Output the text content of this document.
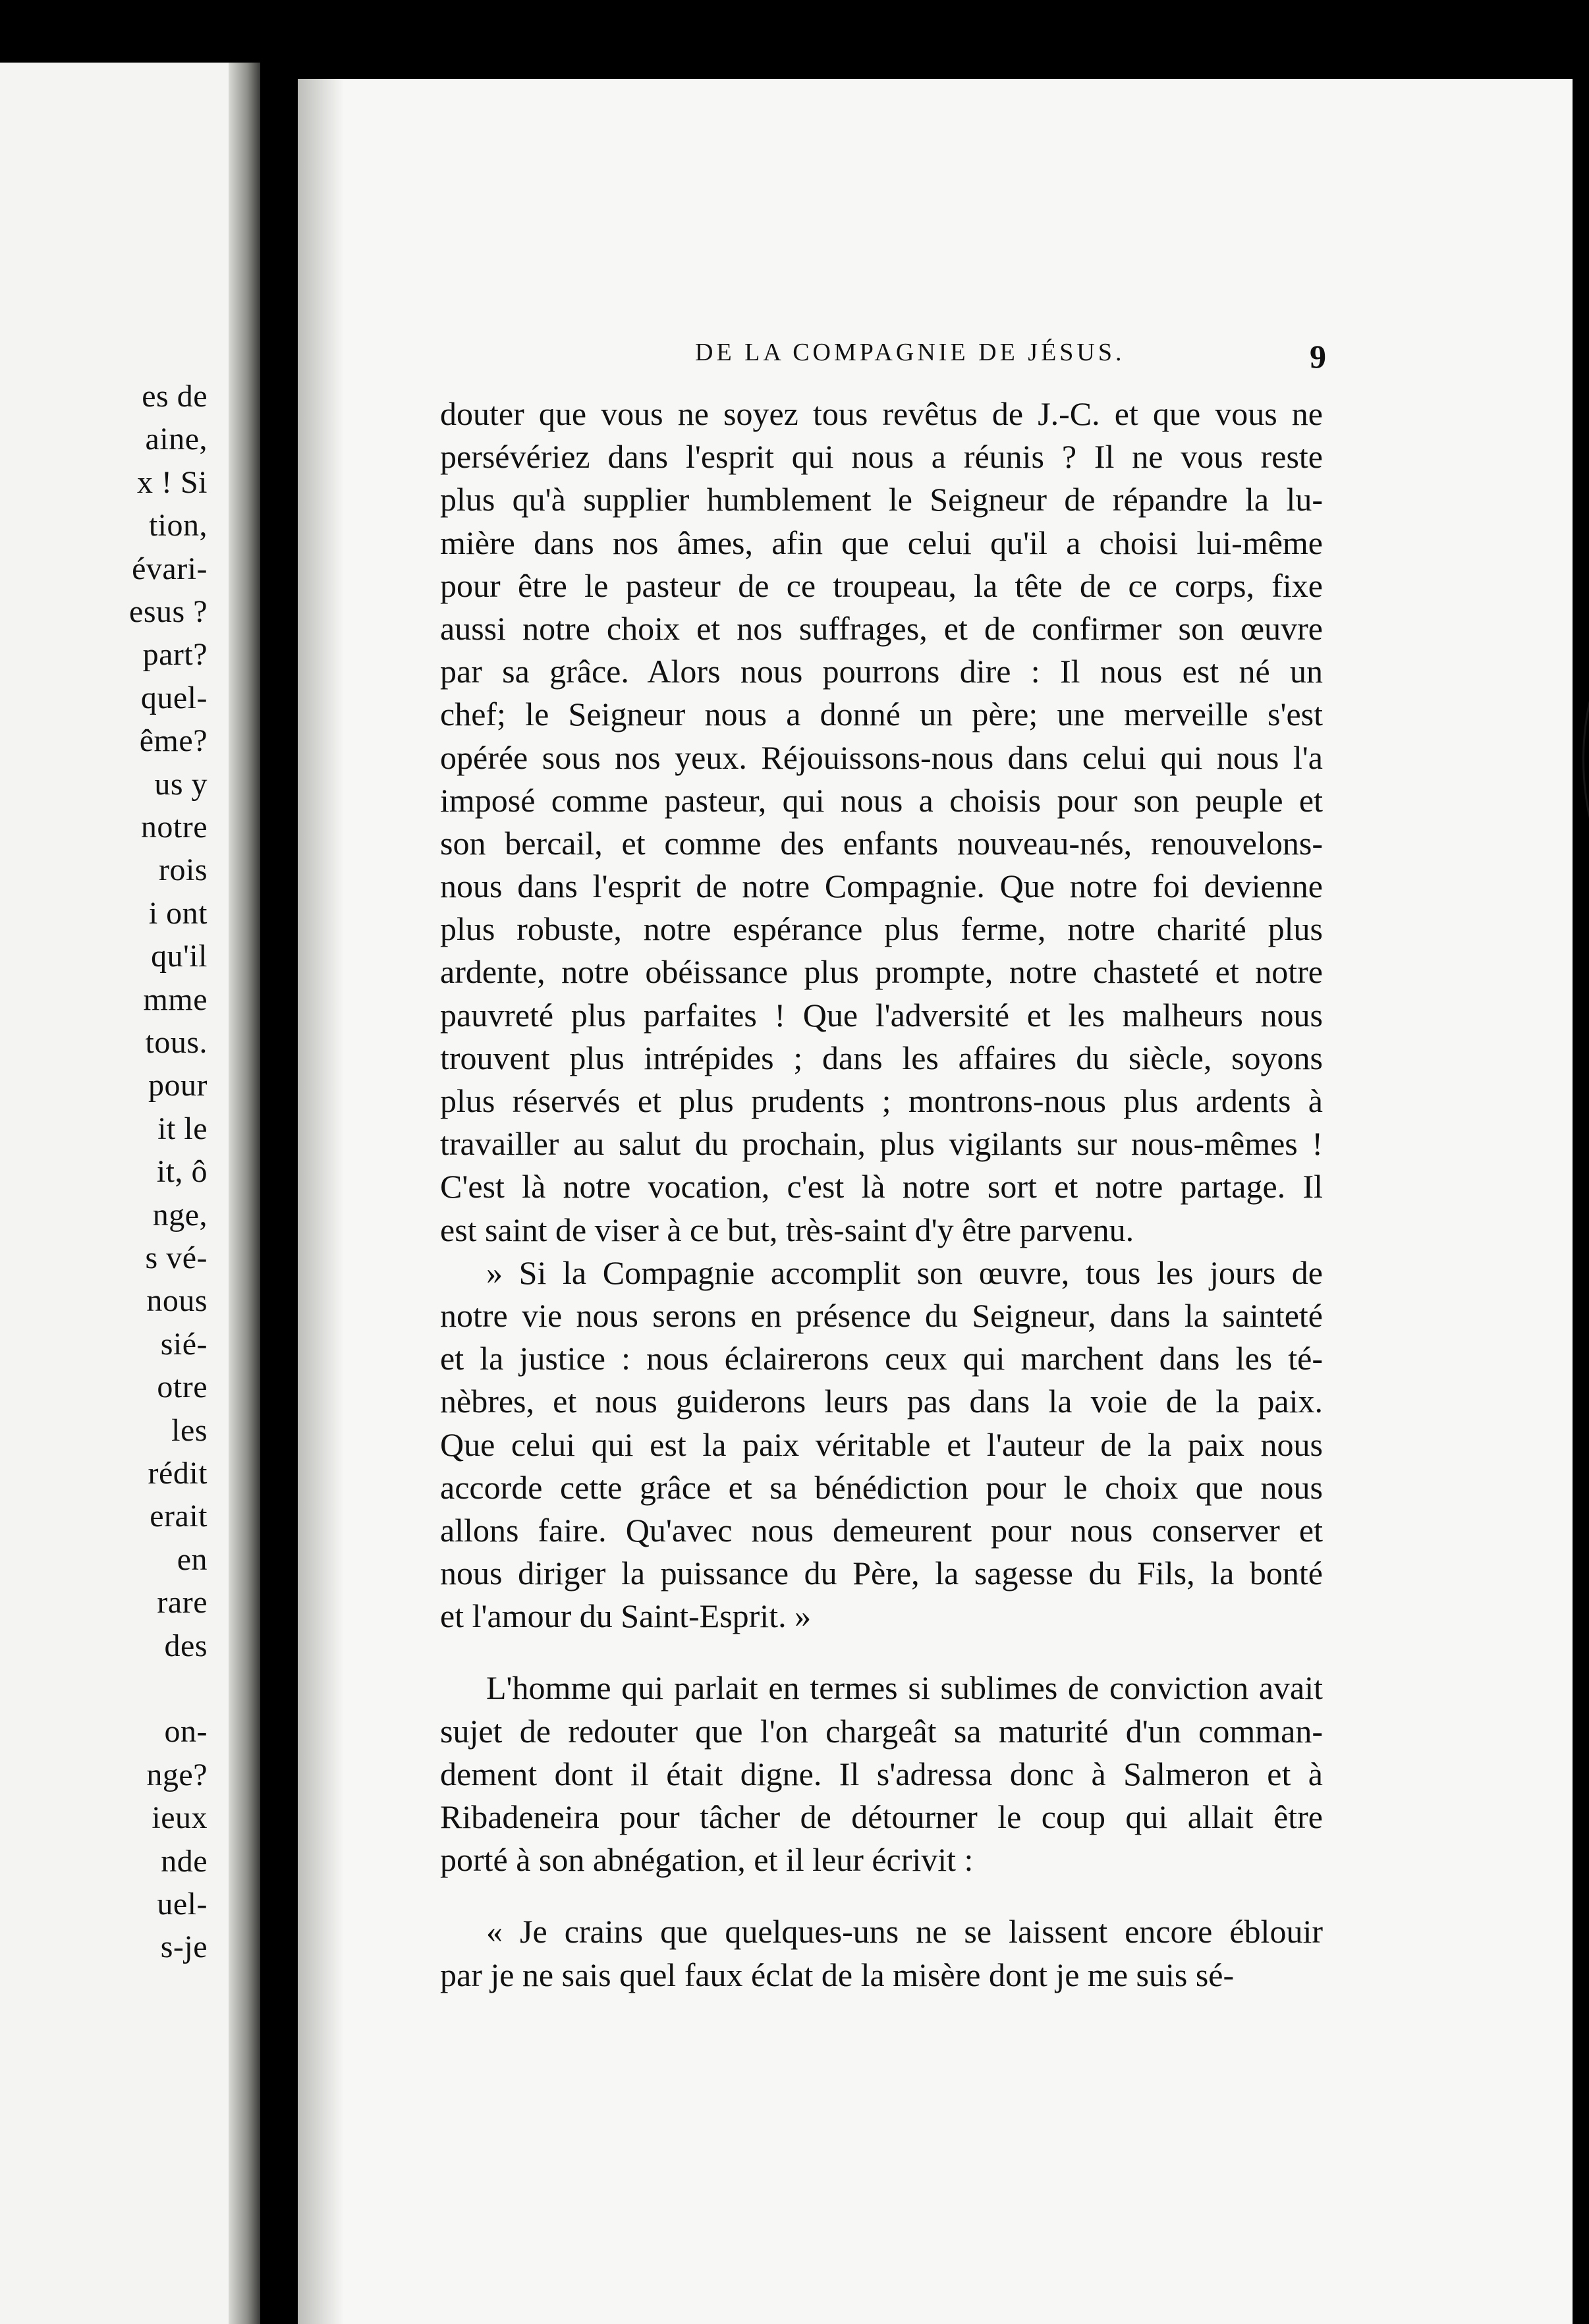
es de
aine,
x ! Si
tion,
évari-
esus ?
part?
quel-
ême?
us y
notre
rois
i ont
qu'il
mme
tous.
pour
it le
it, ô
nge,
s vé-
nous
sié-
otre
les
rédit
erait
en
rare
des
on-
nge?
ieux
nde
uel-
s-je
DE LA COMPAGNIE DE JÉSUS.	9
douter que vous ne soyez tous revêtus de J.-C. et que vous ne
persévériez dans l'esprit qui nous a réunis ? Il ne vous reste
plus qu'à supplier humblement le Seigneur de répandre la lu-
mière dans nos âmes, afin que celui qu'il a choisi lui-même
pour être le pasteur de ce troupeau, la tête de ce corps, fixe
aussi notre choix et nos suffrages, et de confirmer son œuvre
par sa grâce. Alors nous pourrons dire : Il nous est né un
chef; le Seigneur nous a donné un père; une merveille s'est
opérée sous nos yeux. Réjouissons-nous dans celui qui nous l'a
imposé comme pasteur, qui nous a choisis pour son peuple et
son bercail, et comme des enfants nouveau-nés, renouvelons-
nous dans l'esprit de notre Compagnie. Que notre foi devienne
plus robuste, notre espérance plus ferme, notre charité plus
ardente, notre obéissance plus prompte, notre chasteté et notre
pauvreté plus parfaites ! Que l'adversité et les malheurs nous
trouvent plus intrépides ; dans les affaires du siècle, soyons
plus réservés et plus prudents ; montrons-nous plus ardents à
travailler au salut du prochain, plus vigilants sur nous-mêmes !
C'est là notre vocation, c'est là notre sort et notre partage. Il
est saint de viser à ce but, très-saint d'y être parvenu.
» Si la Compagnie accomplit son œuvre, tous les jours de
notre vie nous serons en présence du Seigneur, dans la sainteté
et la justice : nous éclairerons ceux qui marchent dans les té-
nèbres, et nous guiderons leurs pas dans la voie de la paix.
Que celui qui est la paix véritable et l'auteur de la paix nous
accorde cette grâce et sa bénédiction pour le choix que nous
allons faire. Qu'avec nous demeurent pour nous conserver et
nous diriger la puissance du Père, la sagesse du Fils, la bonté
et l'amour du Saint-Esprit. »
L'homme qui parlait en termes si sublimes de conviction avait
sujet de redouter que l'on chargeât sa maturité d'un comman-
dement dont il était digne. Il s'adressa donc à Salmeron et à
Ribadeneira pour tâcher de détourner le coup qui allait être
porté à son abnégation, et il leur écrivit :
« Je crains que quelques-uns ne se laissent encore éblouir
par je ne sais quel faux éclat de la misère dont je me suis sé-
